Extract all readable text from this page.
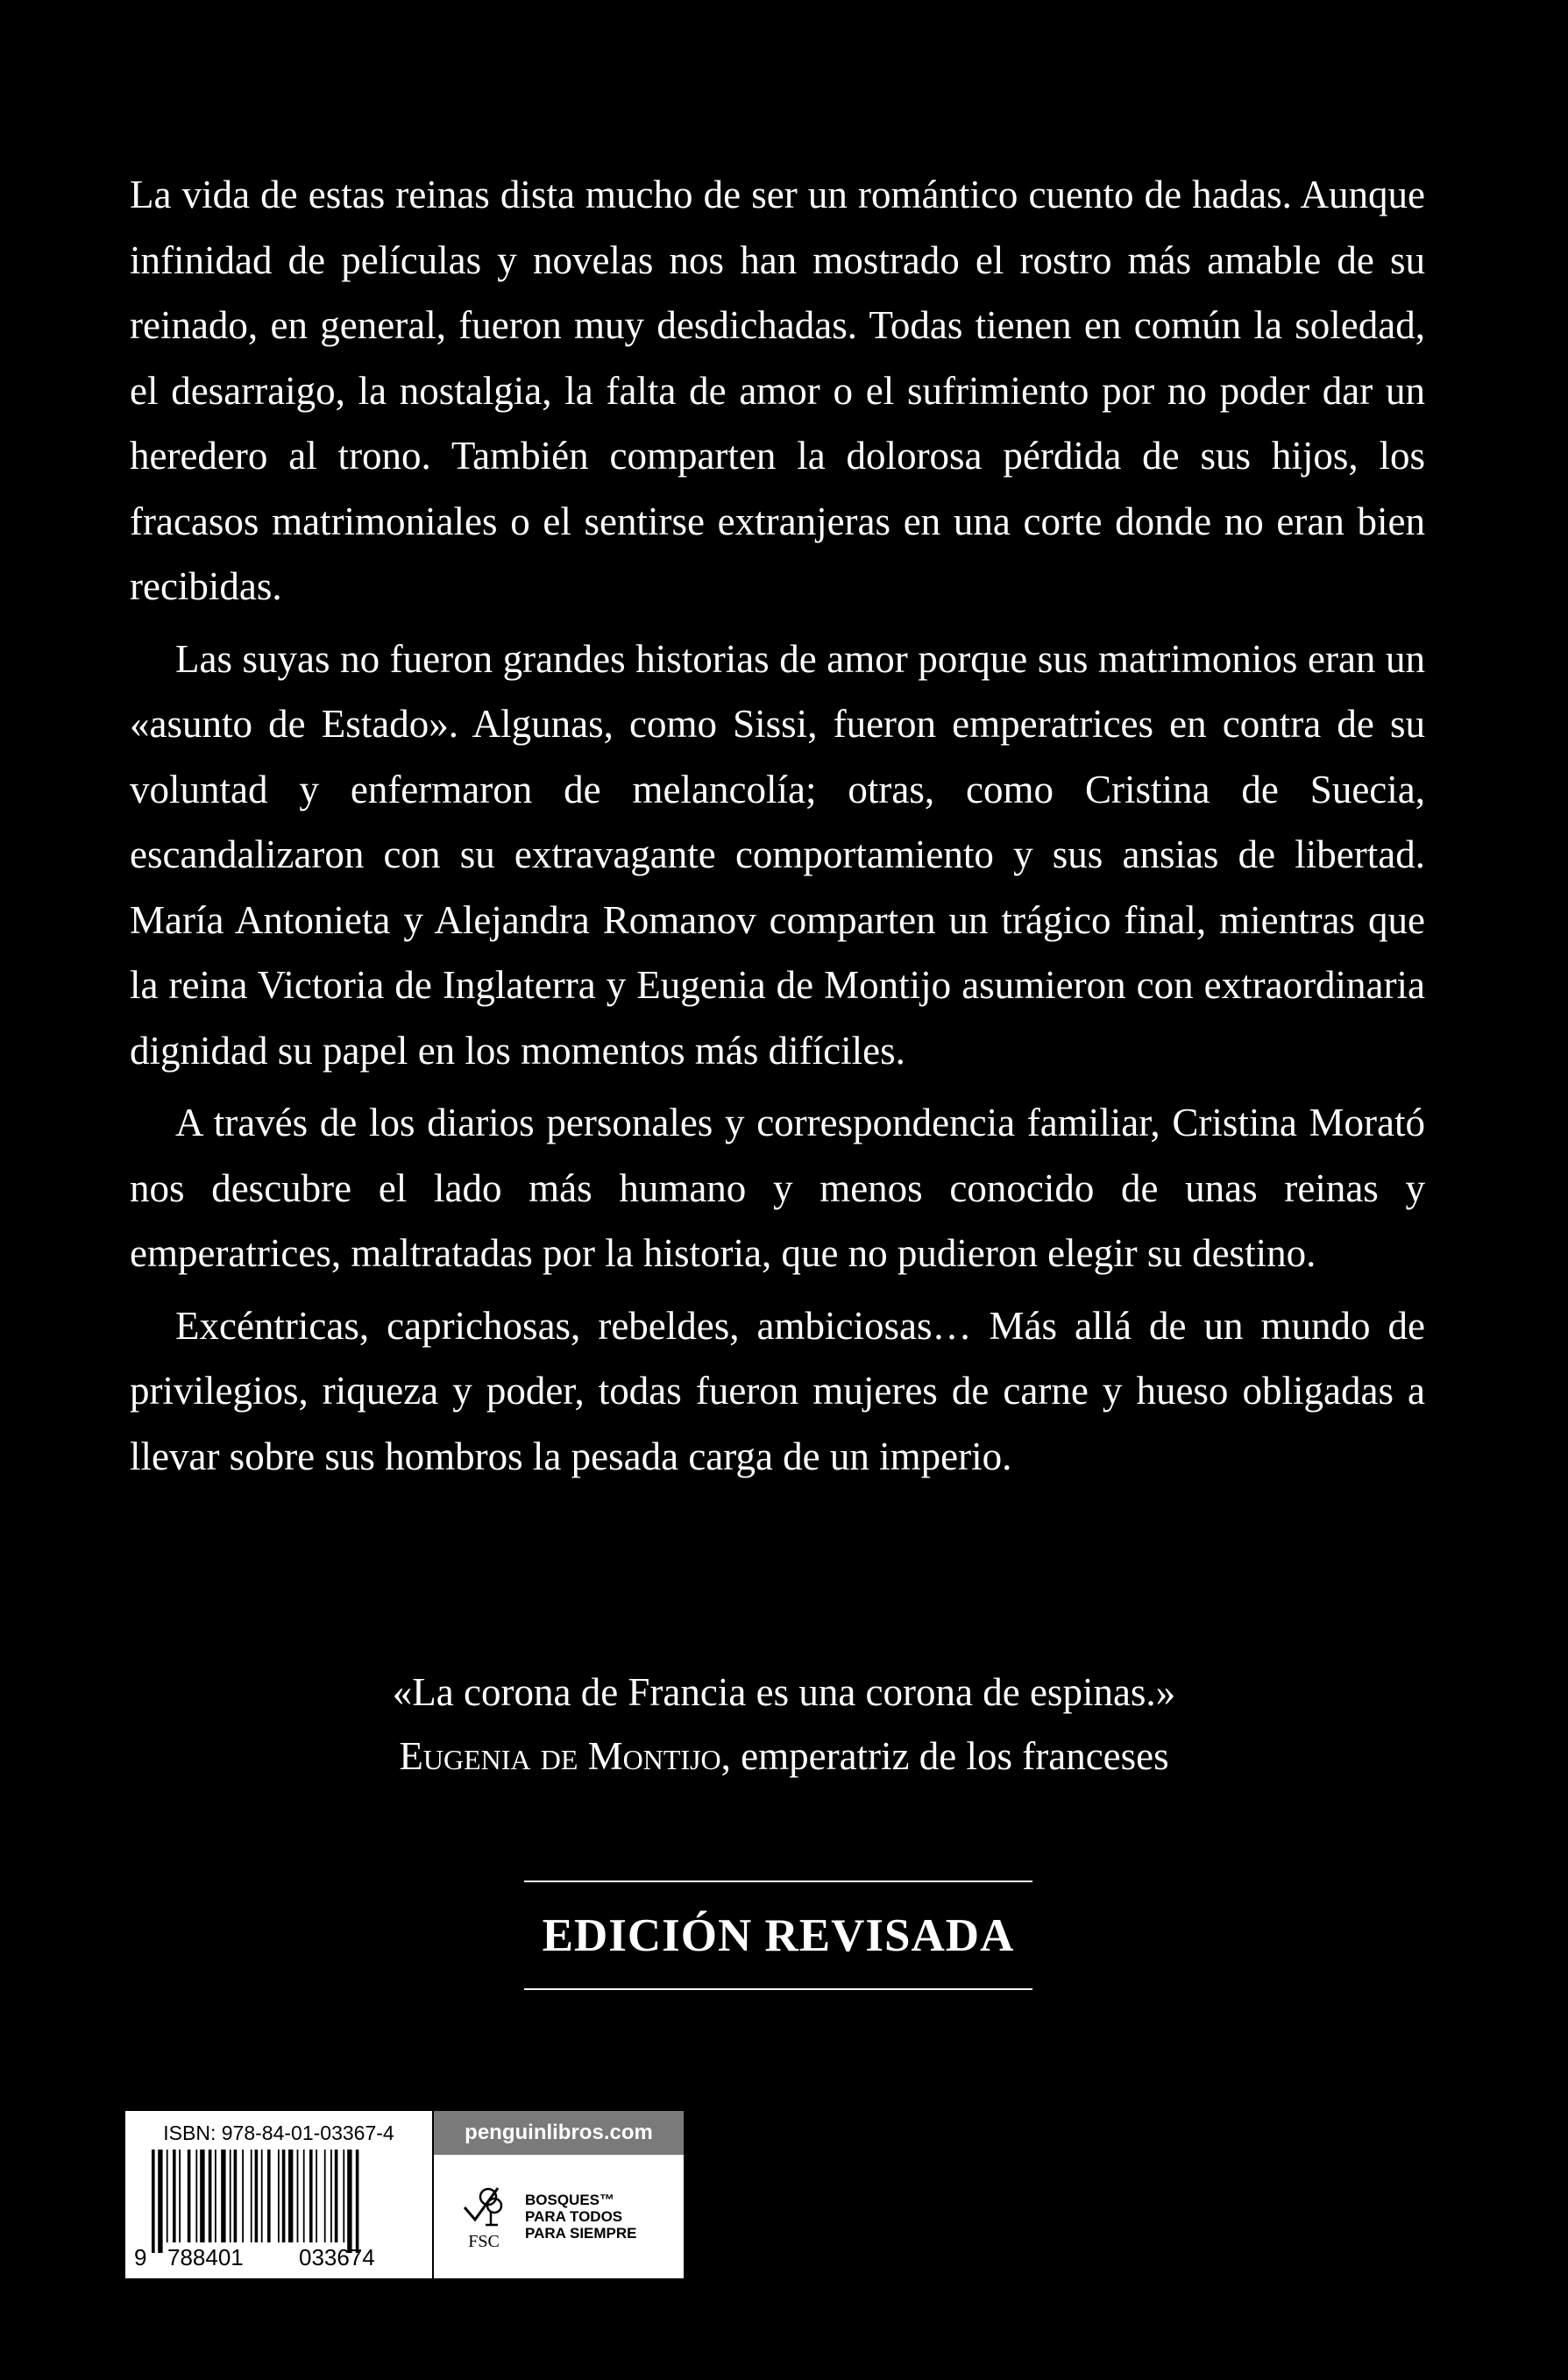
La vida de estas reinas dista mucho de ser un romántico cuento de hadas. Aunque infinidad de películas y novelas nos han mostrado el rostro más amable de su reinado, en general, fueron muy desdichadas. Todas tienen en común la soledad, el desarraigo, la nostalgia, la falta de amor o el sufrimiento por no poder dar un heredero al trono. También comparten la dolorosa pérdida de sus hijos, los fracasos matrimoniales o el sentirse extranjeras en una corte donde no eran bien recibidas.

Las suyas no fueron grandes historias de amor porque sus matrimonios eran un «asunto de Estado». Algunas, como Sissi, fueron emperatrices en contra de su voluntad y enfermaron de melancolía; otras, como Cristina de Suecia, escandalizaron con su extravagante comportamiento y sus ansias de libertad. María Antonieta y Alejandra Romanov comparten un trágico final, mientras que la reina Victoria de Inglaterra y Eugenia de Montijo asumieron con extraordinaria dignidad su papel en los momentos más difíciles.

A través de los diarios personales y correspondencia familiar, Cristina Morató nos descubre el lado más humano y menos conocido de unas reinas y emperatrices, maltratadas por la historia, que no pudieron elegir su destino.

Excéntricas, caprichosas, rebeldes, ambiciosas… Más allá de un mundo de privilegios, riqueza y poder, todas fueron mujeres de carne y hueso obligadas a llevar sobre sus hombros la pesada carga de un imperio.

«La corona de Francia es una corona de espinas.»
Eugenia de Montijo, emperatriz de los franceses
EDICIÓN REVISADA
ISBN: 978-84-01-03367-4
9 788401 033674
penguinlibros.com
FSC
BOSQUES™
PARA TODOS
PARA SIEMPRE
